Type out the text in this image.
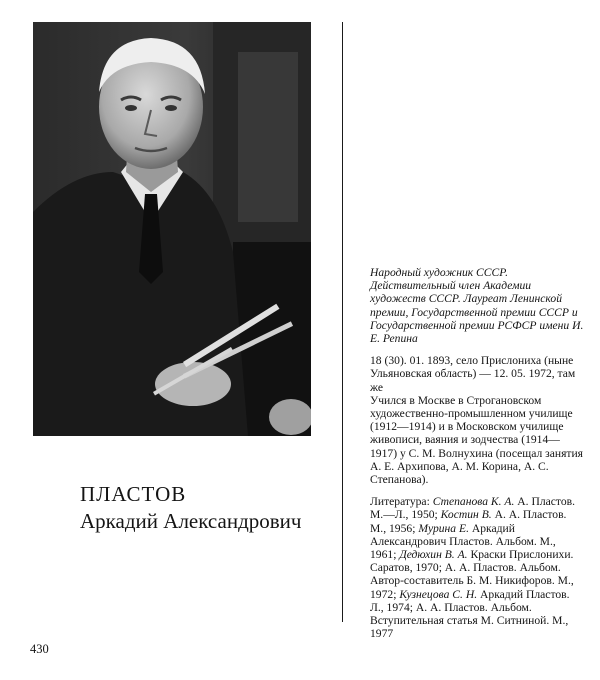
ПЛАСТОВ
Аркадий Александрович

Народный художник СССР. Действительный член Академии художеств СССР. Лауреат Ленинской премии, Государственной премии СССР и Государственной премии РСФСР имени И. Е. Репина

18 (30). 01. 1893, село Прислониха (ныне Ульяновская область) — 12. 05. 1972, там же
Учился в Москве в Строгановском художественно-промышленном училище (1912—1914) и в Московском училище живописи, ваяния и зодчества (1914—1917) у С. М. Волнухина (посещал занятия А. Е. Архипова, А. М. Корина, А. С. Степанова).

Литература: Степанова К. А. А. Пластов. М.—Л., 1950; Костин В. А. А. Пластов. М., 1956; Мурина Е. Аркадий Александрович Пластов. Альбом. М., 1961; Дедюхин В. А. Краски Прислонихи. Саратов, 1970; А. А. Пластов. Альбом. Автор-составитель Б. М. Никифоров. М., 1972; Кузнецова С. Н. Аркадий Пластов. Л., 1974; А. А. Пластов. Альбом. Вступительная статья М. Ситниной. М., 1977

430
